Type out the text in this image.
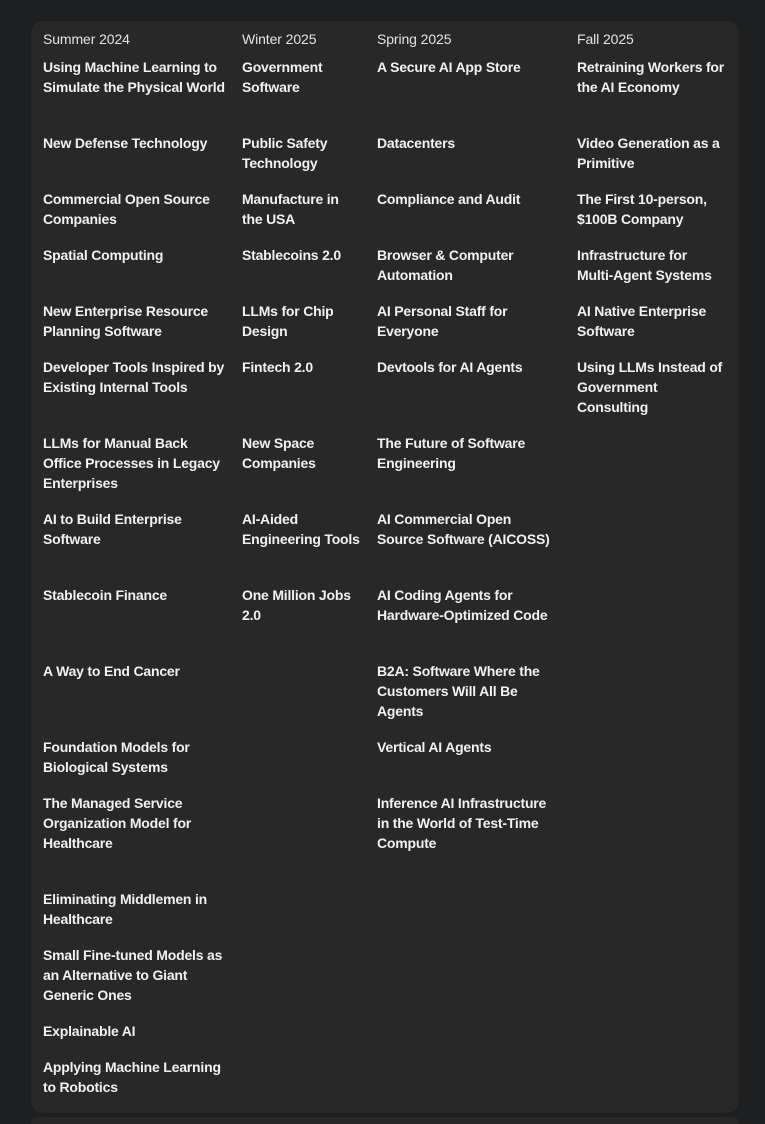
Summer 2024	Winter 2025	Spring 2025	Fall 2025
Using Machine Learning to Simulate the Physical World	Government Software	A Secure AI App Store	Retraining Workers for the AI Economy
New Defense Technology	Public Safety Technology	Datacenters	Video Generation as a Primitive
Commercial Open Source Companies	Manufacture in the USA	Compliance and Audit	The First 10-person, $100B Company
Spatial Computing	Stablecoins 2.0	Browser & Computer Automation	Infrastructure for Multi-Agent Systems
New Enterprise Resource Planning Software	LLMs for Chip Design	AI Personal Staff for Everyone	AI Native Enterprise Software
Developer Tools Inspired by Existing Internal Tools	Fintech 2.0	Devtools for AI Agents	Using LLMs Instead of Government Consulting
LLMs for Manual Back Office Processes in Legacy Enterprises	New Space Companies	The Future of Software Engineering	
AI to Build Enterprise Software	AI-Aided Engineering Tools	AI Commercial Open Source Software (AICOSS)	
Stablecoin Finance	One Million Jobs 2.0	AI Coding Agents for Hardware-Optimized Code	
A Way to End Cancer		B2A: Software Where the Customers Will All Be Agents	
Foundation Models for Biological Systems		Vertical AI Agents	
The Managed Service Organization Model for Healthcare		Inference AI Infrastructure in the World of Test-Time Compute	
Eliminating Middlemen in Healthcare			
Small Fine-tuned Models as an Alternative to Giant Generic Ones			
Explainable AI			
Applying Machine Learning to Robotics			
